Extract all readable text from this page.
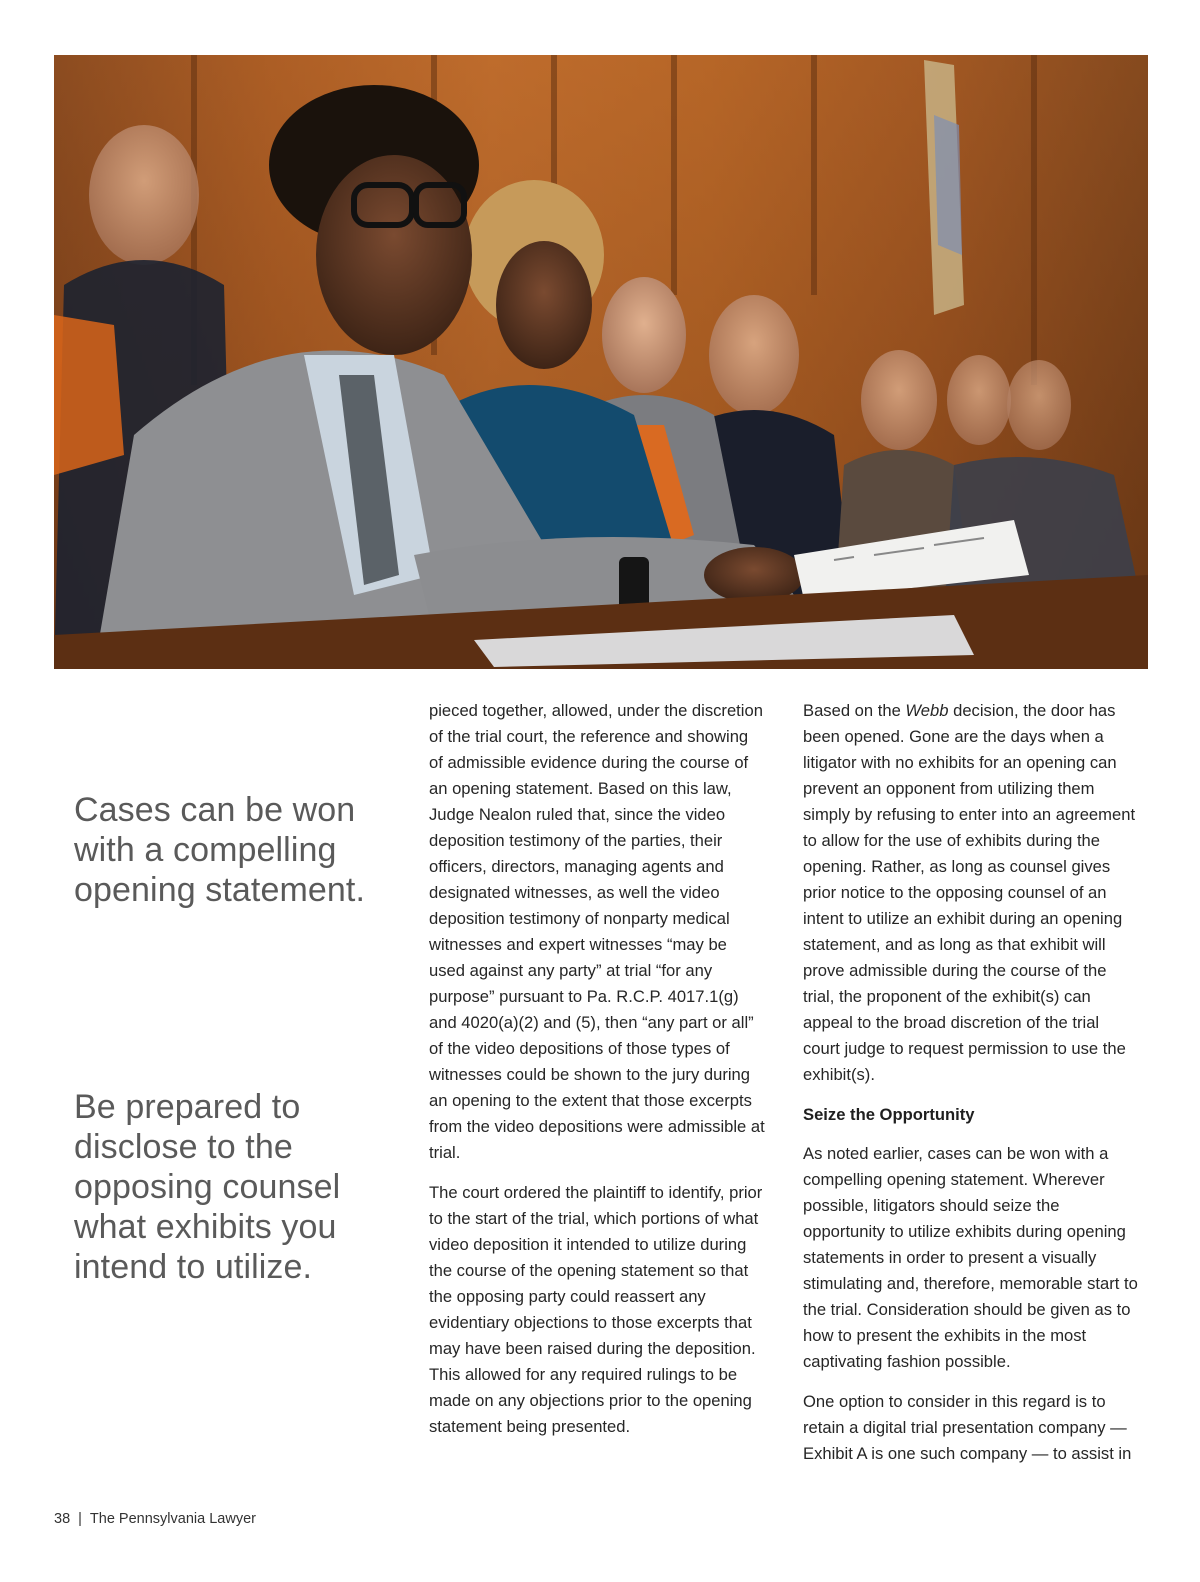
Cases can be won with a compelling opening statement.
Be prepared to disclose to the opposing counsel what exhibits you intend to utilize.

pieced together, allowed, under the discretion of the trial court, the reference and showing of admissible evidence during the course of an opening statement. Based on this law, Judge Nealon ruled that, since the video deposition testimony of the parties, their officers, directors, managing agents and designated witnesses, as well the video deposition testimony of nonparty medical witnesses and expert witnesses “may be used against any party” at trial “for any purpose” pursuant to Pa. R.C.P. 4017.1(g) and 4020(a)(2) and (5), then “any part or all” of the video depositions of those types of witnesses could be shown to the jury during an opening to the extent that those excerpts from the video depositions were admissible at trial.

The court ordered the plaintiff to identify, prior to the start of the trial, which portions of what video deposition it intended to utilize during the course of the opening statement so that the opposing party could reassert any evidentiary objections to those excerpts that may have been raised during the deposition. This allowed for any required rulings to be made on any objections prior to the opening statement being presented.

Based on the Webb decision, the door has been opened. Gone are the days when a litigator with no exhibits for an opening can prevent an opponent from utilizing them simply by refusing to enter into an agreement to allow for the use of exhibits during the opening. Rather, as long as counsel gives prior notice to the opposing counsel of an intent to utilize an exhibit during an opening statement, and as long as that exhibit will prove admissible during the course of the trial, the proponent of the exhibit(s) can appeal to the broad discretion of the trial court judge to request permission to use the exhibit(s).

Seize the Opportunity

As noted earlier, cases can be won with a compelling opening statement. Wherever possible, litigators should seize the opportunity to utilize exhibits during opening statements in order to present a visually stimulating and, therefore, memorable start to the trial. Consideration should be given as to how to present the exhibits in the most captivating fashion possible.

One option to consider in this regard is to retain a digital trial presentation company — Exhibit A is one such company — to assist in

38 | The Pennsylvania Lawyer
